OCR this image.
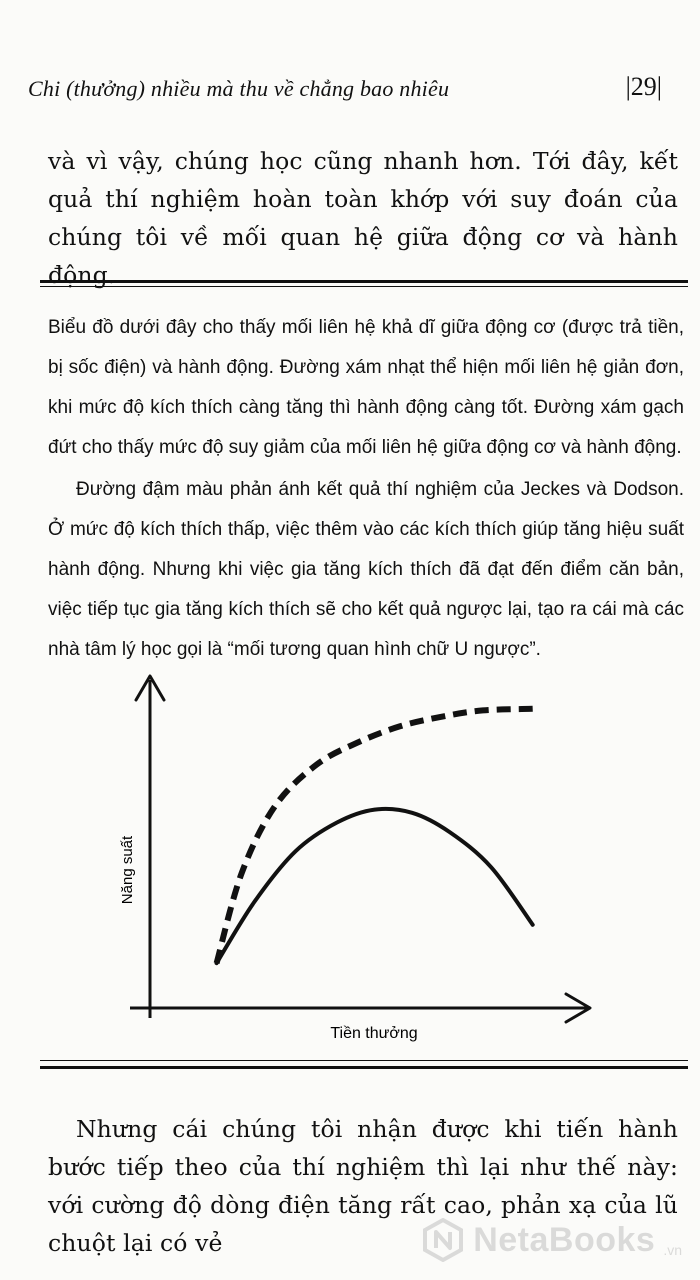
Chi (thưởng) nhiều mà thu về chẳng bao nhiêu	|29|

và vì vậy, chúng học cũng nhanh hơn. Tới đây, kết quả thí nghiệm hoàn toàn khớp với suy đoán của chúng tôi về mối quan hệ giữa động cơ và hành động.

Biểu đồ dưới đây cho thấy mối liên hệ khả dĩ giữa động cơ (được trả tiền, bị sốc điện) và hành động. Đường xám nhạt thể hiện mối liên hệ giản đơn, khi mức độ kích thích càng tăng thì hành động càng tốt. Đường xám gạch đứt cho thấy mức độ suy giảm của mối liên hệ giữa động cơ và hành động.

Đường đậm màu phản ánh kết quả thí nghiệm của Jeckes và Dodson. Ở mức độ kích thích thấp, việc thêm vào các kích thích giúp tăng hiệu suất hành động. Nhưng khi việc gia tăng kích thích đã đạt đến điểm căn bản, việc tiếp tục gia tăng kích thích sẽ cho kết quả ngược lại, tạo ra cái mà các nhà tâm lý học gọi là “mối tương quan hình chữ U ngược”.

Năng suất
Tiền thưởng

Nhưng cái chúng tôi nhận được khi tiến hành bước tiếp theo của thí nghiệm thì lại như thế này: với cường độ dòng điện tăng rất cao, phản xạ của lũ chuột lại có vẻ	NetaBooks .vn
